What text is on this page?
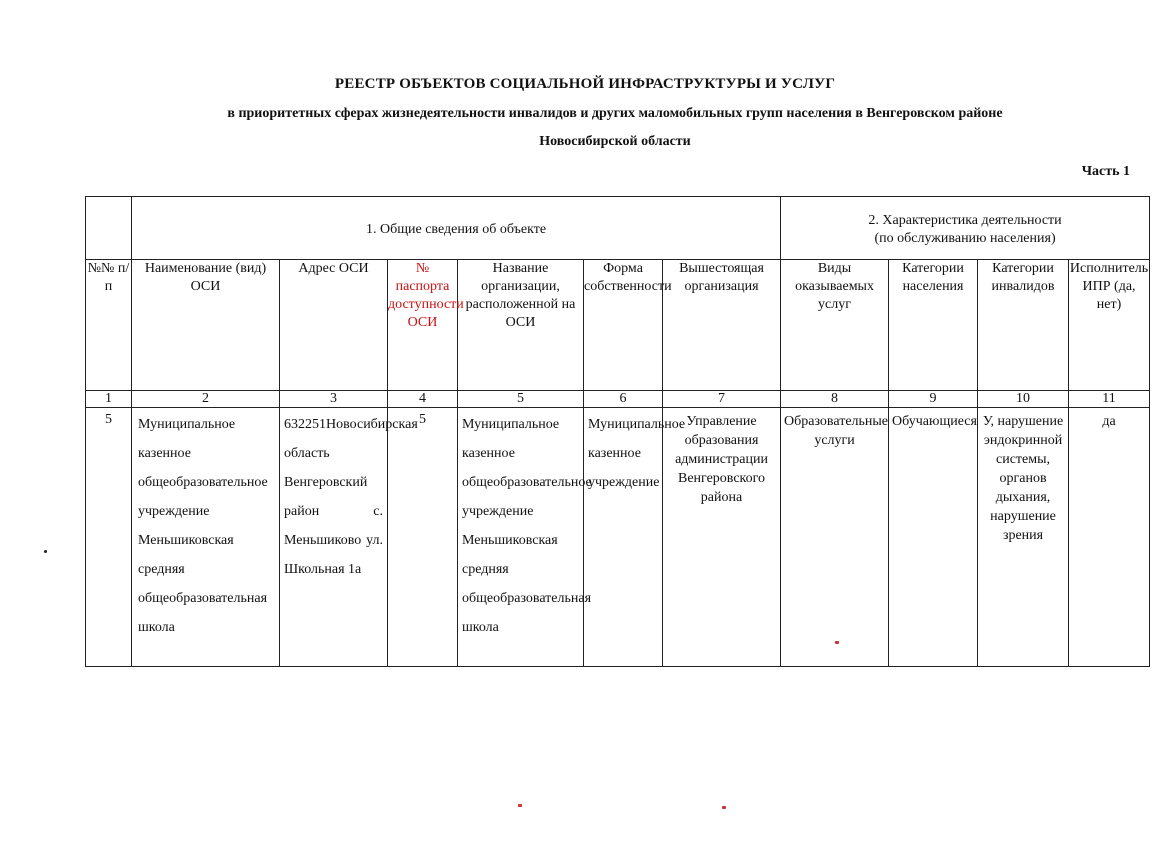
РЕЕСТР ОБЪЕКТОВ СОЦИАЛЬНОЙ ИНФРАСТРУКТУРЫ И УСЛУГ
в приоритетных сферах жизнедеятельности инвалидов и других маломобильных групп населения в Венгеровском районе
Новосибирской области
Часть 1
	1. Общие сведения об объекте						2. Характеристика деятельности
(по обслуживанию населения)			

№№ п/п	Наименование (вид) ОСИ	Адрес ОСИ	№ паспорта доступности ОСИ	Название организации, расположенной на ОСИ	Форма собственности	Вышестоящая организация	Виды оказываемых услуг	Категории населения	Категории инвалидов	Исполнитель ИПР (да, нет)
1	2	3	4	5	6	7	8	9	10	11
5	Муниципальное казенное общеобразовательное учреждение Меньшиковская средняя общеобразовательная школа	632251Новосибирская область Венгеровский район с. Меньшиково ул. Школьная 1а	5	Муниципальное казенное общеобразовательное учреждение Меньшиковская средняя общеобразовательная школа	Муниципальное казенное учреждение	Управление образования администрации Венгеровского района	Образовательные услуги	Обучающиеся	У, нарушение эндокринной системы, органов дыхания, нарушение зрения	да
